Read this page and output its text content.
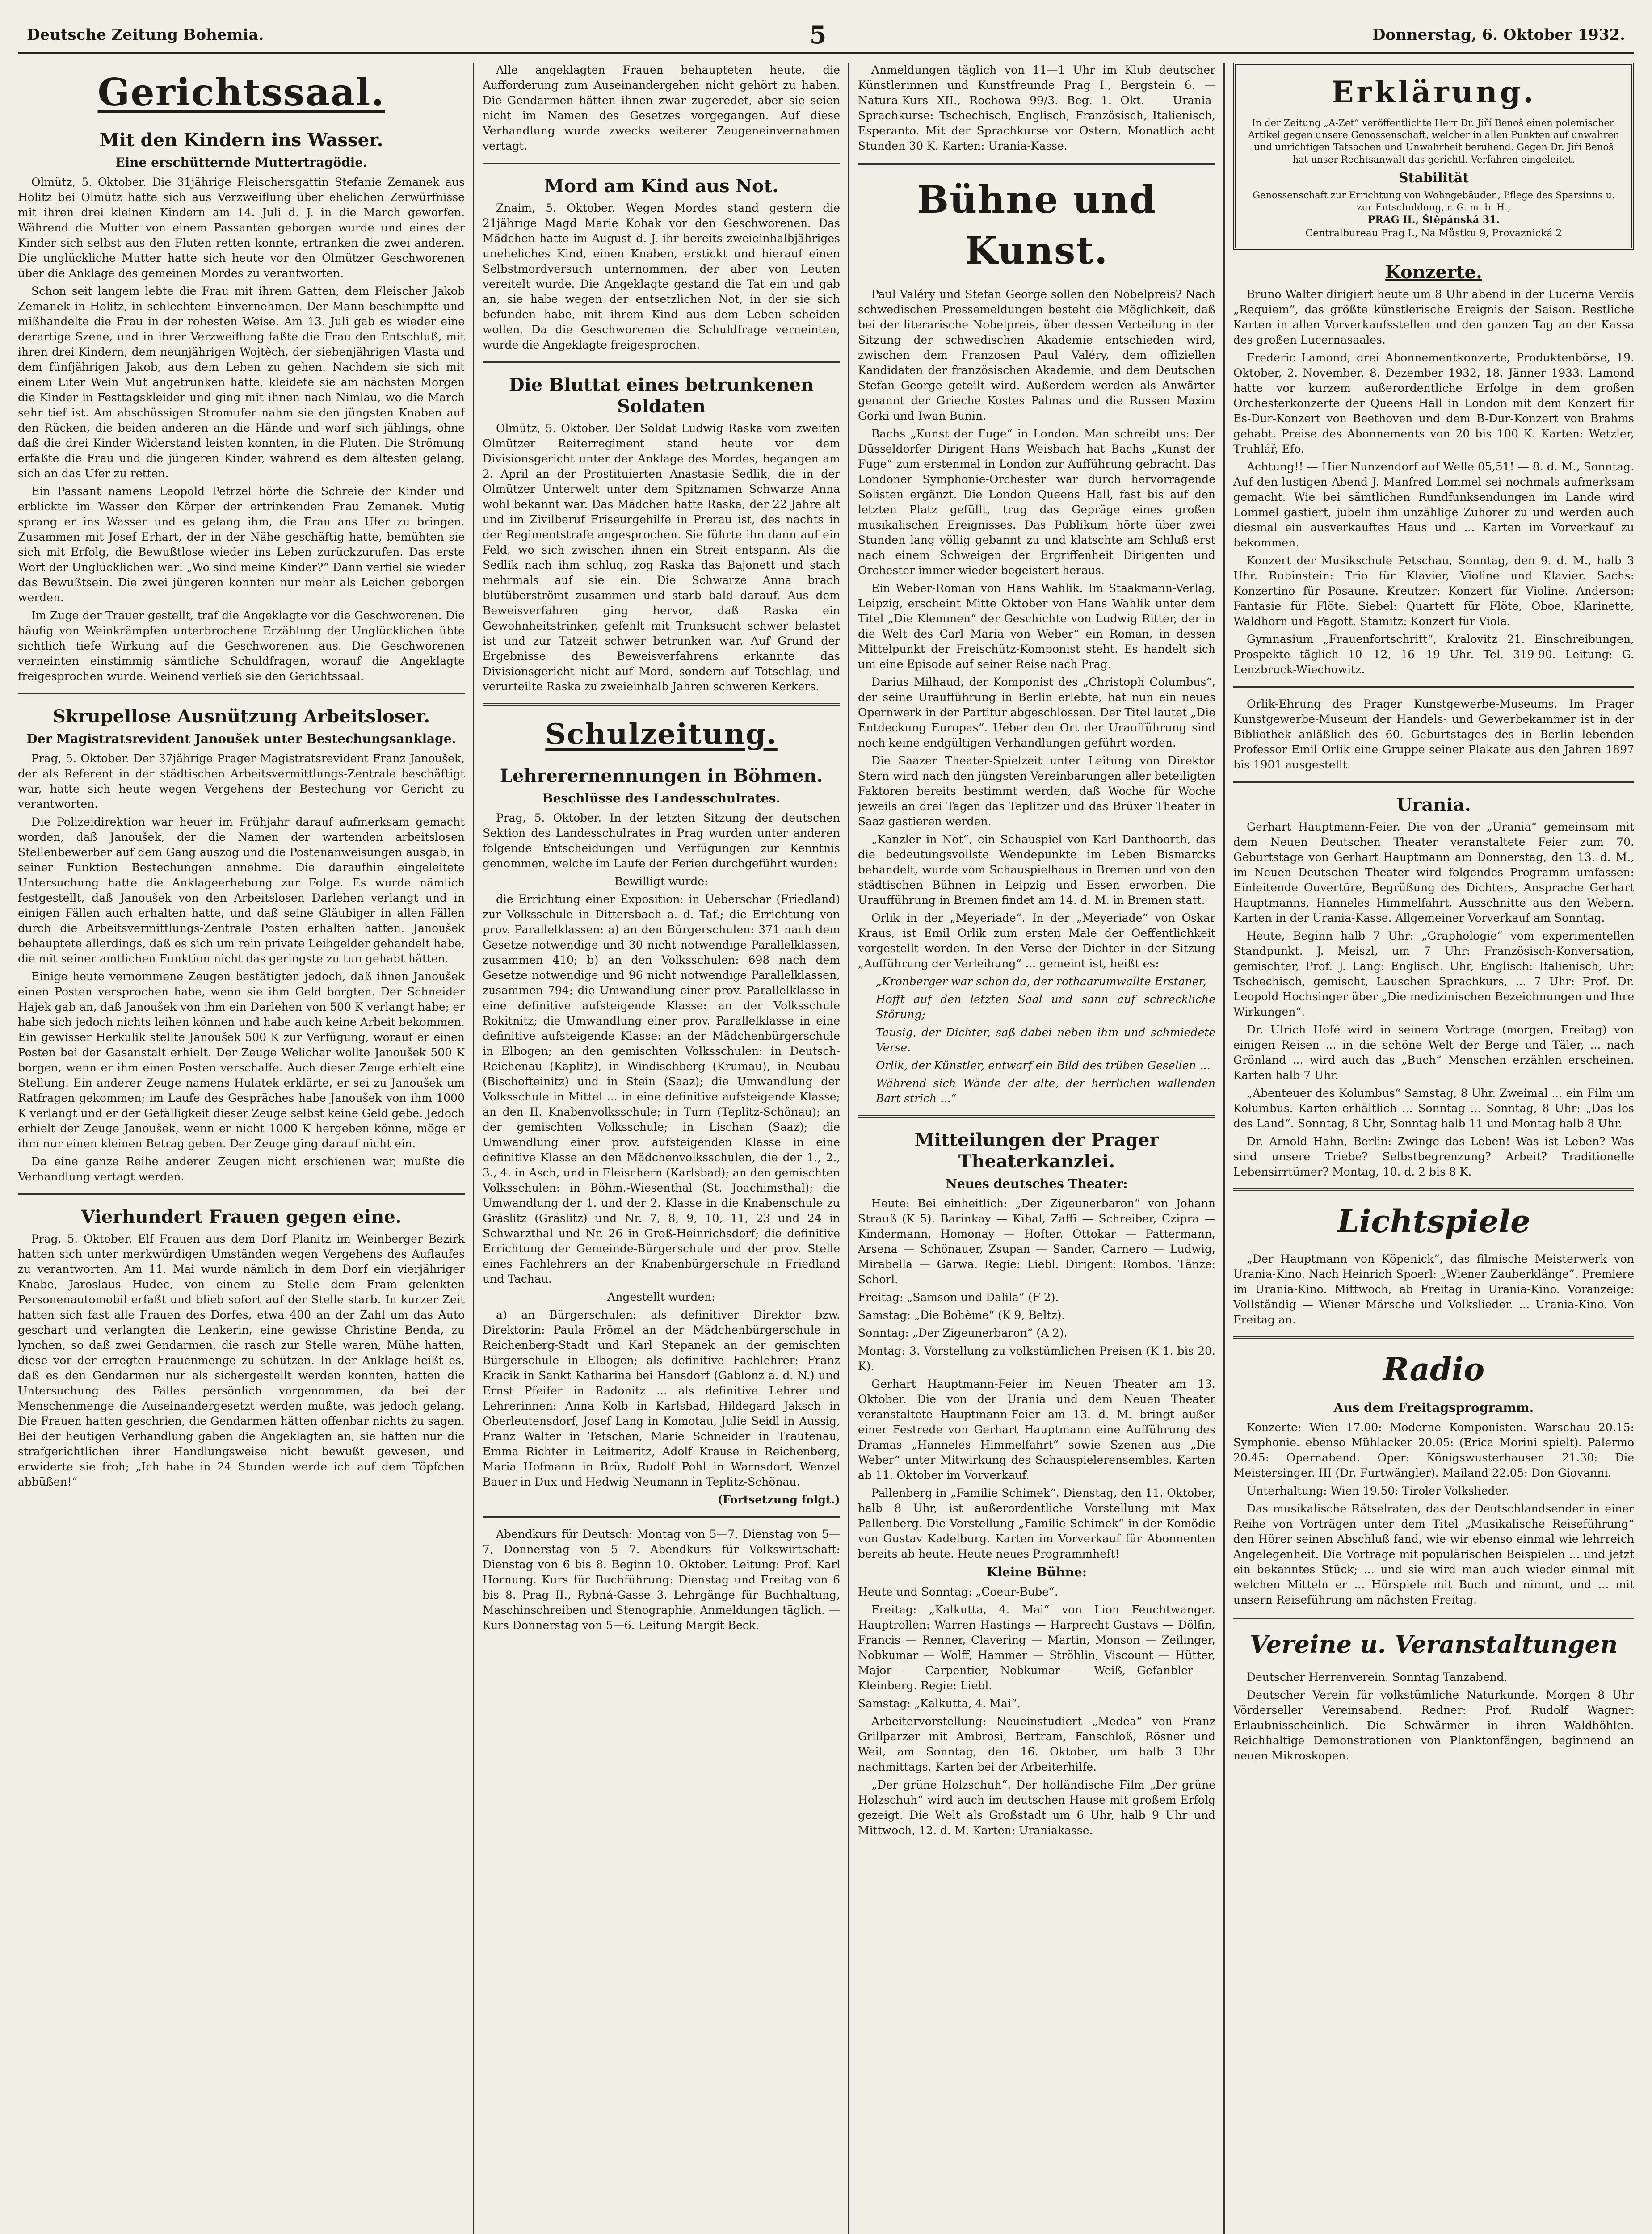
Deutsche Zeitung Bohemia.	5	Donnerstag, 6. Oktober 1932.
Gerichtssaal.
Mit den Kindern ins Wasser.
Eine erschütternde Muttertragödie.

Olmütz, 5. Oktober. Die 31jährige Fleischersgattin Stefanie Zemanek aus Holitz bei Olmütz hatte sich aus Verzweiflung über ehelichen Zerwürfnisse mit ihren drei kleinen Kindern am 14. Juli d. J. in die March geworfen. Während die Mutter von einem Passanten geborgen wurde und eines der Kinder sich selbst aus den Fluten retten konnte, ertranken die zwei anderen. Die unglückliche Mutter hatte sich heute vor den Olmützer Geschworenen über die Anklage des gemeinen Mordes zu verantworten.

Schon seit langem lebte die Frau mit ihrem Gatten, dem Fleischer Jakob Zemanek in Holitz, in schlechtem Einvernehmen. Der Mann beschimpfte und mißhandelte die Frau in der rohesten Weise. Am 13. Juli gab es wieder eine derartige Szene, und in ihrer Verzweiflung faßte die Frau den Entschluß, mit ihren drei Kindern, dem neunjährigen Wojtěch, der siebenjährigen Vlasta und dem fünfjährigen Jakob, aus dem Leben zu gehen. Nachdem sie sich mit einem Liter Wein Mut angetrunken hatte, kleidete sie am nächsten Morgen die Kinder in Festtagskleider und ging mit ihnen nach Nimlau, wo die March sehr tief ist. Am abschüssigen Stromufer nahm sie den jüngsten Knaben auf den Rücken, die beiden anderen an die Hände und warf sich jählings, ohne daß die drei Kinder Widerstand leisten konnten, in die Fluten. Die Strömung erfaßte die Frau und die jüngeren Kinder, während es dem ältesten gelang, sich an das Ufer zu retten.

Ein Passant namens Leopold Petrzel hörte die Schreie der Kinder und erblickte im Wasser den Körper der ertrinkenden Frau Zemanek. Mutig sprang er ins Wasser und es gelang ihm, die Frau ans Ufer zu bringen. Zusammen mit Josef Erhart, der in der Nähe geschäftig hatte, bemühten sie sich mit Erfolg, die Bewußtlose wieder ins Leben zurückzurufen. Das erste Wort der Unglücklichen war: „Wo sind meine Kinder?“ Dann verfiel sie wieder das Bewußtsein. Die zwei jüngeren konnten nur mehr als Leichen geborgen werden.

Im Zuge der Trauer gestellt, traf die Angeklagte vor die Geschworenen. Die häufig von Weinkrämpfen unterbrochene Erzählung der Unglücklichen übte sichtlich tiefe Wirkung auf die Geschworenen aus. Die Geschworenen verneinten einstimmig sämtliche Schuldfragen, worauf die Angeklagte freigesprochen wurde. Weinend verließ sie den Gerichtssaal.

Skrupellose Ausnützung Arbeitsloser.
Der Magistratsrevident Janoušek unter Bestechungsanklage.

Prag, 5. Oktober. Der 37jährige Prager Magistratsrevident Franz Janoušek, der als Referent in der städtischen Arbeitsvermittlungs-Zentrale beschäftigt war, hatte sich heute wegen Vergehens der Bestechung vor Gericht zu verantworten.

Die Polizeidirektion war heuer im Frühjahr darauf aufmerksam gemacht worden, daß Janoušek, der die Namen der wartenden arbeitslosen Stellenbewerber auf dem Gang auszog und die Postenanweisungen ausgab, in seiner Funktion Bestechungen annehme. Die daraufhin eingeleitete Untersuchung hatte die Anklageerhebung zur Folge. Es wurde nämlich festgestellt, daß Janoušek von den Arbeitslosen Darlehen verlangt und in einigen Fällen auch erhalten hatte, und daß seine Gläubiger in allen Fällen durch die Arbeitsvermittlungs-Zentrale Posten erhalten hatten. Janoušek behauptete allerdings, daß es sich um rein private Leihgelder gehandelt habe, die mit seiner amtlichen Funktion nicht das geringste zu tun gehabt hätten.

Einige heute vernommene Zeugen bestätigten jedoch, daß ihnen Janoušek einen Posten versprochen habe, wenn sie ihm Geld borgten. Der Schneider Hajek gab an, daß Janoušek von ihm ein Darlehen von 500 K verlangt habe; er habe sich jedoch nichts leihen können und habe auch keine Arbeit bekommen. Ein gewisser Herkulik stellte Janoušek 500 K zur Verfügung, worauf er einen Posten bei der Gasanstalt erhielt. Der Zeuge Welichar wollte Janoušek 500 K borgen, wenn er ihm einen Posten verschaffe. Auch dieser Zeuge erhielt eine Stellung. Ein anderer Zeuge namens Hulatek erklärte, er sei zu Janoušek um Ratfragen gekommen; im Laufe des Gespräches habe Janoušek von ihm 1000 K verlangt und er der Gefälligkeit dieser Zeuge selbst keine Geld gebe. Jedoch erhielt der Zeuge Janoušek, wenn er nicht 1000 K hergeben könne, möge er ihm nur einen kleinen Betrag geben. Der Zeuge ging darauf nicht ein.

Da eine ganze Reihe anderer Zeugen nicht erschienen war, mußte die Verhandlung vertagt werden.

Vierhundert Frauen gegen eine.

Prag, 5. Oktober. Elf Frauen aus dem Dorf Planitz im Weinberger Bezirk hatten sich unter merkwürdigen Umständen wegen Vergehens des Auflaufes zu verantworten. Am 11. Mai wurde nämlich in dem Dorf ein vierjähriger Knabe, Jaroslaus Hudec, von einem zu Stelle dem Fram gelenkten Personenautomobil erfaßt und blieb sofort auf der Stelle starb. In kurzer Zeit hatten sich fast alle Frauen des Dorfes, etwa 400 an der Zahl um das Auto geschart und verlangten die Lenkerin, eine gewisse Christine Benda, zu lynchen, so daß zwei Gendarmen, die rasch zur Stelle waren, Mühe hatten, diese vor der erregten Frauenmenge zu schützen. In der Anklage heißt es, daß es den Gendarmen nur als sichergestellt werden konnten, hatten die Untersuchung des Falles persönlich vorgenommen, da bei der Menschenmenge die Auseinandergesetzt werden mußte, was jedoch gelang. Die Frauen hatten geschrien, die Gendarmen hätten offenbar nichts zu sagen. Bei der heutigen Verhandlung gaben die Angeklagten an, sie hätten nur die strafgerichtlichen ihrer Handlungsweise nicht bewußt gewesen, und erwiderte sie froh; „Ich habe in 24 Stunden werde ich auf dem Töpfchen abbüßen!“

Alle angeklagten Frauen behaupteten heute, die Aufforderung zum Auseinandergehen nicht gehört zu haben. Die Gendarmen hätten ihnen zwar zugeredet, aber sie seien nicht im Namen des Gesetzes vorgegangen. Auf diese Verhandlung wurde zwecks weiterer Zeugeneinvernahmen vertagt.

Mord am Kind aus Not.

Znaim, 5. Oktober. Wegen Mordes stand gestern die 21jährige Magd Marie Kohak vor den Geschworenen. Das Mädchen hatte im August d. J. ihr bereits zweieinhalbjähriges uneheliches Kind, einen Knaben, erstickt und hierauf einen Selbstmordversuch unternommen, der aber von Leuten vereitelt wurde. Die Angeklagte gestand die Tat ein und gab an, sie habe wegen der entsetzlichen Not, in der sie sich befunden habe, mit ihrem Kind aus dem Leben scheiden wollen. Da die Geschworenen die Schuldfrage verneinten, wurde die Angeklagte freigesprochen.

Die Bluttat eines betrunkenen Soldaten

Olmütz, 5. Oktober. Der Soldat Ludwig Raska vom zweiten Olmützer Reiterregiment stand heute vor dem Divisionsgericht unter der Anklage des Mordes, begangen am 2. April an der Prostituierten Anastasie Sedlik, die in der Olmützer Unterwelt unter dem Spitznamen Schwarze Anna wohl bekannt war. Das Mädchen hatte Raska, der 22 Jahre alt und im Zivilberuf Friseurgehilfe in Prerau ist, des nachts in der Regimentstrafe angesprochen. Sie führte ihn dann auf ein Feld, wo sich zwischen ihnen ein Streit entspann. Als die Sedlik nach ihm schlug, zog Raska das Bajonett und stach mehrmals auf sie ein. Die Schwarze Anna brach blutüberströmt zusammen und starb bald darauf. Aus dem Beweisverfahren ging hervor, daß Raska ein Gewohnheitstrinker, gefehlt mit Trunksucht schwer belastet ist und zur Tatzeit schwer betrunken war. Auf Grund der Ergebnisse des Beweisverfahrens erkannte das Divisionsgericht nicht auf Mord, sondern auf Totschlag, und verurteilte Raska zu zweieinhalb Jahren schweren Kerkers.

Schulzeitung.
Lehrerernennungen in Böhmen.
Beschlüsse des Landesschulrates.

Prag, 5. Oktober. In der letzten Sitzung der deutschen Sektion des Landesschulrates in Prag wurden unter anderen folgende Entscheidungen und Verfügungen zur Kenntnis genommen, welche im Laufe der Ferien durchgeführt wurden:

Bewilligt wurde:

die Errichtung einer Exposition: in Ueberschar (Friedland) zur Volksschule in Dittersbach a. d. Taf.; die Errichtung von prov. Parallelklassen: a) an den Bürgerschulen: 371 nach dem Gesetze notwendige und 30 nicht notwendige Parallelklassen, zusammen 410; b) an den Volksschulen: 698 nach dem Gesetze notwendige und 96 nicht notwendige Parallelklassen, zusammen 794; die Umwandlung einer prov. Parallelklasse in eine definitive aufsteigende Klasse: an der Volksschule Rokitnitz; die Umwandlung einer prov. Parallelklasse in eine definitive aufsteigende Klasse: an der Mädchenbürgerschule in Elbogen; an den gemischten Volksschulen: in Deutsch-Reichenau (Kaplitz), in Windischberg (Krumau), in Neubau (Bischofteinitz) und in Stein (Saaz); die Umwandlung der Volksschule in Mittel ... in eine definitive aufsteigende Klasse; an den II. Knabenvolksschule; in Turn (Teplitz-Schönau); an der gemischten Volksschule; in Lischan (Saaz); die Umwandlung einer prov. aufsteigenden Klasse in eine definitive Klasse an den Mädchenvolksschulen, die der 1., 2., 3., 4. in Asch, und in Fleischern (Karlsbad); an den gemischten Volksschulen: in Böhm.-Wiesenthal (St. Joachimsthal); die Umwandlung der 1. und der 2. Klasse in die Knabenschule zu Gräslitz (Gräslitz) und Nr. 7, 8, 9, 10, 11, 23 und 24 in Schwarzthal und Nr. 26 in Groß-Heinrichsdorf; die definitive Errichtung der Gemeinde-Bürgerschule und der prov. Stelle eines Fachlehrers an der Knabenbürgerschule in Friedland und Tachau.

Angestellt wurden:

a) an Bürgerschulen: als definitiver Direktor bzw. Direktorin: Paula Frömel an der Mädchenbürgerschule in Reichenberg-Stadt und Karl Stepanek an der gemischten Bürgerschule in Elbogen; als definitive Fachlehrer: Franz Kracik in Sankt Katharina bei Hansdorf (Gablonz a. d. N.) und Ernst Pfeifer in Radonitz ... als definitive Lehrer und Lehrerinnen: Anna Kolb in Karlsbad, Hildegard Jaksch in Oberleutensdorf, Josef Lang in Komotau, Julie Seidl in Aussig, Franz Walter in Tetschen, Marie Schneider in Trautenau, Emma Richter in Leitmeritz, Adolf Krause in Reichenberg, Maria Hofmann in Brüx, Rudolf Pohl in Warnsdorf, Wenzel Bauer in Dux und Hedwig Neumann in Teplitz-Schönau.

(Fortsetzung folgt.)

Abendkurs für Deutsch: Montag von 5—7, Dienstag von 5—7, Donnerstag von 5—7. Abendkurs für Volkswirtschaft: Dienstag von 6 bis 8. Beginn 10. Oktober. Leitung: Prof. Karl Hornung. Kurs für Buchführung: Dienstag und Freitag von 6 bis 8. Prag II., Rybná-Gasse 3. Lehrgänge für Buchhaltung, Maschinschreiben und Stenographie. Anmeldungen täglich. — Kurs Donnerstag von 5—6. Leitung Margit Beck.

Anmeldungen täglich von 11—1 Uhr im Klub deutscher Künstlerinnen und Kunstfreunde Prag I., Bergstein 6. — Natura-Kurs XII., Rochowa 99/3. Beg. 1. Okt. — Urania-Sprachkurse: Tschechisch, Englisch, Französisch, Italienisch, Esperanto. Mit der Sprachkurse vor Ostern. Monatlich acht Stunden 30 K. Karten: Urania-Kasse.

Bühne und Kunst.

Paul Valéry und Stefan George sollen den Nobelpreis? Nach schwedischen Pressemeldungen besteht die Möglichkeit, daß bei der literarische Nobelpreis, über dessen Verteilung in der Sitzung der schwedischen Akademie entschieden wird, zwischen dem Franzosen Paul Valéry, dem offiziellen Kandidaten der französischen Akademie, und dem Deutschen Stefan George geteilt wird. Außerdem werden als Anwärter genannt der Grieche Kostes Palmas und die Russen Maxim Gorki und Iwan Bunin.

Bachs „Kunst der Fuge“ in London. Man schreibt uns: Der Düsseldorfer Dirigent Hans Weisbach hat Bachs „Kunst der Fuge“ zum erstenmal in London zur Aufführung gebracht. Das Londoner Symphonie-Orchester war durch hervorragende Solisten ergänzt. Die London Queens Hall, fast bis auf den letzten Platz gefüllt, trug das Gepräge eines großen musikalischen Ereignisses. Das Publikum hörte über zwei Stunden lang völlig gebannt zu und klatschte am Schluß erst nach einem Schweigen der Ergriffenheit Dirigenten und Orchester immer wieder begeistert heraus.

Ein Weber-Roman von Hans Wahlik. Im Staakmann-Verlag, Leipzig, erscheint Mitte Oktober von Hans Wahlik unter dem Titel „Die Klemmen“ der Geschichte von Ludwig Ritter, der in die Welt des Carl Maria von Weber“ ein Roman, in dessen Mittelpunkt der Freischütz-Komponist steht. Es handelt sich um eine Episode auf seiner Reise nach Prag.

Darius Milhaud, der Komponist des „Christoph Columbus“, der seine Uraufführung in Berlin erlebte, hat nun ein neues Opernwerk in der Partitur abgeschlossen. Der Titel lautet „Die Entdeckung Europas“. Ueber den Ort der Uraufführung sind noch keine endgültigen Verhandlungen geführt worden.

Die Saazer Theater-Spielzeit unter Leitung von Direktor Stern wird nach den jüngsten Vereinbarungen aller beteiligten Faktoren bereits bestimmt werden, daß Woche für Woche jeweils an drei Tagen das Teplitzer und das Brüxer Theater in Saaz gastieren werden.

„Kanzler in Not“, ein Schauspiel von Karl Danthoorth, das die bedeutungsvollste Wendepunkte im Leben Bismarcks behandelt, wurde vom Schauspielhaus in Bremen und von den städtischen Bühnen in Leipzig und Essen erworben. Die Uraufführung in Bremen findet am 14. d. M. in Bremen statt.

Orlik in der „Meyeriade“. In der „Meyeriade“ von Oskar Kraus, ist Emil Orlik zum ersten Male der Oeffentlichkeit vorgestellt worden. In den Verse der Dichter in der Sitzung „Aufführung der Verleihung“ ... gemeint ist, heißt es:

„Kronberger war schon da, der rothaarumwallte Erstaner,

Hofft auf den letzten Saal und sann auf schreckliche Störung;

Tausig, der Dichter, saß dabei neben ihm und schmiedete Verse.

Orlik, der Künstler, entwarf ein Bild des trüben Gesellen ...

Während sich Wände der alte, der herrlichen wallenden Bart strich ...“

Mitteilungen der Prager Theaterkanzlei.
Neues deutsches Theater:

Heute: Bei einheitlich: „Der Zigeunerbaron“ von Johann Strauß (K 5). Barinkay — Kibal, Zaffi — Schreiber, Czipra — Kindermann, Homonay — Hofter. Ottokar — Pattermann, Arsena — Schönauer, Zsupan — Sander, Carnero — Ludwig, Mirabella — Garwa. Regie: Liebl. Dirigent: Rombos. Tänze: Schorl.

Freitag: „Samson und Dalila“ (F 2).

Samstag: „Die Bohème“ (K 9, Beltz).

Sonntag: „Der Zigeunerbaron“ (A 2).

Montag: 3. Vorstellung zu volkstümlichen Preisen (K 1. bis 20. K).

Gerhart Hauptmann-Feier im Neuen Theater am 13. Oktober. Die von der Urania und dem Neuen Theater veranstaltete Hauptmann-Feier am 13. d. M. bringt außer einer Festrede von Gerhart Hauptmann eine Aufführung des Dramas „Hanneles Himmelfahrt“ sowie Szenen aus „Die Weber“ unter Mitwirkung des Schauspielerensembles. Karten ab 11. Oktober im Vorverkauf.

Pallenberg in „Familie Schimek“. Dienstag, den 11. Oktober, halb 8 Uhr, ist außerordentliche Vorstellung mit Max Pallenberg. Die Vorstellung „Familie Schimek“ in der Komödie von Gustav Kadelburg. Karten im Vorverkauf für Abonnenten bereits ab heute. Heute neues Programmheft!

Kleine Bühne:

Heute und Sonntag: „Coeur-Bube“.

Freitag: „Kalkutta, 4. Mai“ von Lion Feuchtwanger. Hauptrollen: Warren Hastings — Harprecht Gustavs — Dölfin, Francis — Renner, Clavering — Martin, Monson — Zeilinger, Nobkumar — Wolff, Hammer — Ströhlin, Viscount — Hütter, Major — Carpentier, Nobkumar — Weiß, Gefanbler — Kleinberg. Regie: Liebl.

Samstag: „Kalkutta, 4. Mai“.

Arbeitervorstellung: Neueinstudiert „Medea“ von Franz Grillparzer mit Ambrosi, Bertram, Fanschloß, Rösner und Weil, am Sonntag, den 16. Oktober, um halb 3 Uhr nachmittags. Karten bei der Arbeiterhilfe.

„Der grüne Holzschuh“. Der holländische Film „Der grüne Holzschuh“ wird auch im deutschen Hause mit großem Erfolg gezeigt. Die Welt als Großstadt um 6 Uhr, halb 9 Uhr und Mittwoch, 12. d. M. Karten: Uraniakasse.

Erklärung.
In der Zeitung „A-Zet“ veröffentlichte Herr Dr. Jiří Benoš einen polemischen Artikel gegen unsere Genossenschaft, welcher in allen Punkten auf unwahren und unrichtigen Tatsachen und Unwahrheit beruhend. Gegen Dr. Jiří Benoš hat unser Rechtsanwalt das gerichtl. Verfahren eingeleitet.
Stabilität
Genossenschaft zur Errichtung von Wohngebäuden, Pflege des Sparsinns u. zur Entschuldung, r. G. m. b. H.,
PRAG II., Štěpánská 31.
Centralbureau Prag I., Na Můstku 9, Provaznická 2
Konzerte.

Bruno Walter dirigiert heute um 8 Uhr abend in der Lucerna Verdis „Requiem“, das größte künstlerische Ereignis der Saison. Restliche Karten in allen Vorverkaufsstellen und den ganzen Tag an der Kassa des großen Lucernasaales.

Frederic Lamond, drei Abonnementkonzerte, Produktenbörse, 19. Oktober, 2. November, 8. Dezember 1932, 18. Jänner 1933. Lamond hatte vor kurzem außerordentliche Erfolge in dem großen Orchesterkonzerte der Queens Hall in London mit dem Konzert für Es-Dur-Konzert von Beethoven und dem B-Dur-Konzert von Brahms gehabt. Preise des Abonnements von 20 bis 100 K. Karten: Wetzler, Truhlář, Efo.

Achtung!! — Hier Nunzendorf auf Welle 05,51! — 8. d. M., Sonntag. Auf den lustigen Abend J. Manfred Lommel sei nochmals aufmerksam gemacht. Wie bei sämtlichen Rundfunksendungen im Lande wird Lommel gastiert, jubeln ihm unzählige Zuhörer zu und werden auch diesmal ein ausverkauftes Haus und ... Karten im Vorverkauf zu bekommen.

Konzert der Musikschule Petschau, Sonntag, den 9. d. M., halb 3 Uhr. Rubinstein: Trio für Klavier, Violine und Klavier. Sachs: Konzertino für Posaune. Kreutzer: Konzert für Violine. Anderson: Fantasie für Flöte. Siebel: Quartett für Flöte, Oboe, Klarinette, Waldhorn und Fagott. Stamitz: Konzert für Viola.

Gymnasium „Frauenfortschritt“, Kralovitz 21. Einschreibungen, Prospekte täglich 10—12, 16—19 Uhr. Tel. 319-90. Leitung: G. Lenzbruck-Wiechowitz.

Orlik-Ehrung des Prager Kunstgewerbe-Museums. Im Prager Kunstgewerbe-Museum der Handels- und Gewerbekammer ist in der Bibliothek anläßlich des 60. Geburtstages des in Berlin lebenden Professor Emil Orlik eine Gruppe seiner Plakate aus den Jahren 1897 bis 1901 ausgestellt.

Urania.

Gerhart Hauptmann-Feier. Die von der „Urania“ gemeinsam mit dem Neuen Deutschen Theater veranstaltete Feier zum 70. Geburtstage von Gerhart Hauptmann am Donnerstag, den 13. d. M., im Neuen Deutschen Theater wird folgendes Programm umfassen: Einleitende Ouvertüre, Begrüßung des Dichters, Ansprache Gerhart Hauptmanns, Hanneles Himmelfahrt, Ausschnitte aus den Webern. Karten in der Urania-Kasse. Allgemeiner Vorverkauf am Sonntag.

Heute, Beginn halb 7 Uhr: „Graphologie“ vom experimentellen Standpunkt. J. Meiszl, um 7 Uhr: Französisch-Konversation, gemischter, Prof. J. Lang: Englisch. Uhr, Englisch: Italienisch, Uhr: Tschechisch, gemischt, Lauschen Sprachkurs, ... 7 Uhr: Prof. Dr. Leopold Hochsinger über „Die medizinischen Bezeichnungen und Ihre Wirkungen“.

Dr. Ulrich Hofé wird in seinem Vortrage (morgen, Freitag) von einigen Reisen ... in die schöne Welt der Berge und Täler, ... nach Grönland ... wird auch das „Buch“ Menschen erzählen erscheinen. Karten halb 7 Uhr.

„Abenteuer des Kolumbus“ Samstag, 8 Uhr. Zweimal ... ein Film um Kolumbus. Karten erhältlich ... Sonntag ... Sonntag, 8 Uhr: „Das los des Land“. Sonntag, 8 Uhr, Sonntag halb 11 und Montag halb 8 Uhr.

Dr. Arnold Hahn, Berlin: Zwinge das Leben! Was ist Leben? Was sind unsere Triebe? Selbstbegrenzung? Arbeit? Traditionelle Lebensirrtümer? Montag, 10. d. 2 bis 8 K.

Lichtspiele

„Der Hauptmann von Köpenick“, das filmische Meisterwerk von Urania-Kino. Nach Heinrich Spoerl: „Wiener Zauberklänge“. Premiere im Urania-Kino. Mittwoch, ab Freitag in Urania-Kino. Voranzeige: Vollständig — Wiener Märsche und Volkslieder. ... Urania-Kino. Von Freitag an.

Radio
Aus dem Freitagsprogramm.

Konzerte: Wien 17.00: Moderne Komponisten. Warschau 20.15: Symphonie. ebenso Mühlacker 20.05: (Erica Morini spielt). Palermo 20.45: Opernabend. Oper: Königswusterhausen 21.30: Die Meistersinger. III (Dr. Furtwängler). Mailand 22.05: Don Giovanni.

Unterhaltung: Wien 19.50: Tiroler Volkslieder.

Das musikalische Rätselraten, das der Deutschlandsender in einer Reihe von Vorträgen unter dem Titel „Musikalische Reiseführung“ den Hörer seinen Abschluß fand, wie wir ebenso einmal wie lehrreich Angelegenheit. Die Vorträge mit populärischen Beispielen ... und jetzt ein bekanntes Stück; ... und sie wird man auch wieder einmal mit welchen Mitteln er ... Hörspiele mit Buch und nimmt, und ... mit unsern Reiseführung am nächsten Freitag.

Vereine u. Veranstaltungen

Deutscher Herrenverein. Sonntag Tanzabend.

Deutscher Verein für volkstümliche Naturkunde. Morgen 8 Uhr Vörderseller Vereinsabend. Redner: Prof. Rudolf Wagner: Erlaubnisscheinlich. Die Schwärmer in ihren Waldhöhlen. Reichhaltige Demonstrationen von Planktonfängen, beginnend an neuen Mikroskopen.
